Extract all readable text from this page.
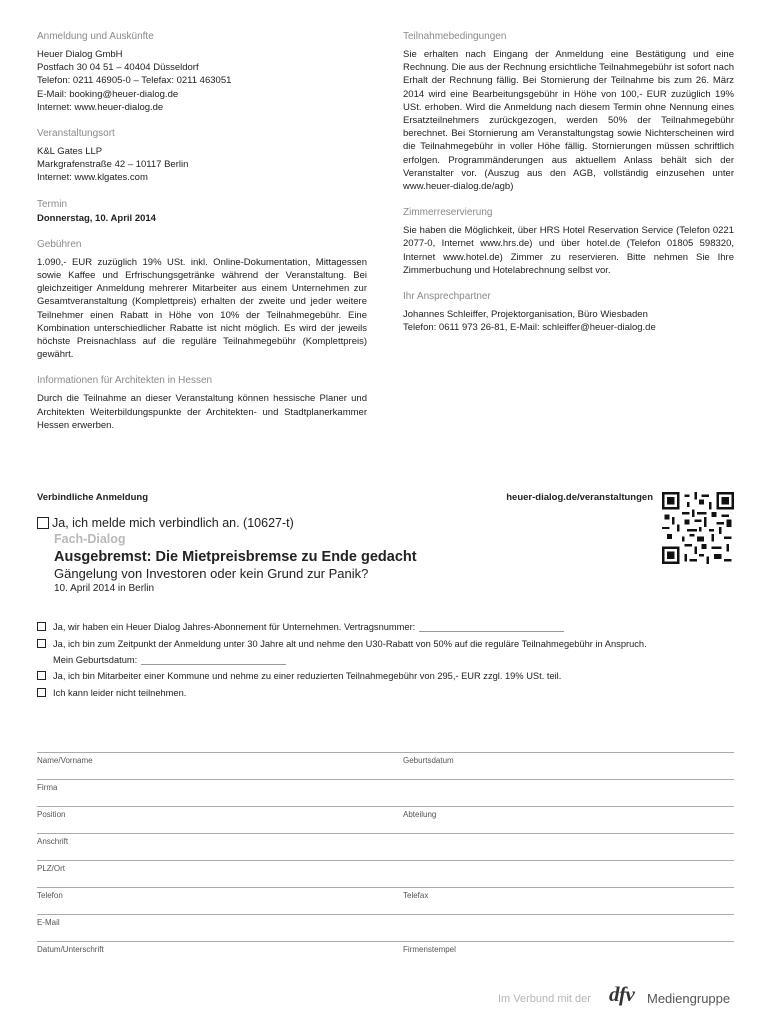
Anmeldung und Auskünfte
Heuer Dialog GmbH
Postfach 30 04 51 – 40404 Düsseldorf
Telefon: 0211 46905-0 – Telefax: 0211 463051
E-Mail: booking@heuer-dialog.de
Internet: www.heuer-dialog.de
Veranstaltungsort
K&L Gates LLP
Markgrafenstraße 42 – 10117 Berlin
Internet: www.klgates.com
Termin
Donnerstag, 10. April 2014
Gebühren
1.090,- EUR zuzüglich 19% USt. inkl. Online-Dokumentation, Mittagessen sowie Kaffee und Erfrischungsgetränke während der Veranstaltung. Bei gleichzeitiger Anmeldung mehrerer Mitarbeiter aus einem Unternehmen zur Gesamtveranstaltung (Komplettpreis) erhalten der zweite und jeder weitere Teilnehmer einen Rabatt in Höhe von 10% der Teilnahmegebühr. Eine Kombination unterschiedlicher Rabatte ist nicht möglich. Es wird der jeweils höchste Preisnachlass auf die reguläre Teilnahmegebühr (Komplettpreis) gewährt.
Informationen für Architekten in Hessen
Durch die Teilnahme an dieser Veranstaltung können hessische Planer und Architekten Weiterbildungspunkte der Architekten- und Stadtplanerkammer Hessen erwerben.
Teilnahmebedingungen
Sie erhalten nach Eingang der Anmeldung eine Bestätigung und eine Rechnung. Die aus der Rechnung ersichtliche Teilnahmegebühr ist sofort nach Erhalt der Rechnung fällig. Bei Stornierung der Teilnahme bis zum 26. März 2014 wird eine Bearbeitungsgebühr in Höhe von 100,- EUR zuzüglich 19% USt. erhoben. Wird die Anmeldung nach diesem Termin ohne Nennung eines Ersatzteilnehmers zurückgezogen, werden 50% der Teilnahmegebühr berechnet. Bei Stornierung am Veranstaltungstag sowie Nichterscheinen wird die Teilnahmegebühr in voller Höhe fällig. Stornierungen müssen schriftlich erfolgen. Programmänderungen aus aktuellem Anlass behält sich der Veranstalter vor. (Auszug aus den AGB, vollständig einzusehen unter www.heuer-dialog.de/agb)
Zimmerreservierung
Sie haben die Möglichkeit, über HRS Hotel Reservation Service (Telefon 0221 2077-0, Internet www.hrs.de) und über hotel.de (Telefon 01805 598320, Internet www.hotel.de) Zimmer zu reservieren. Bitte nehmen Sie Ihre Zimmerbuchung und Hotelabrechnung selbst vor.
Ihr Ansprechpartner
Johannes Schleiffer, Projektorganisation, Büro Wiesbaden
Telefon: 0611 973 26-81, E-Mail: schleiffer@heuer-dialog.de
Verbindliche Anmeldung	heuer-dialog.de/veranstaltungen
Ja, ich melde mich verbindlich an. (10627-t)
Fach-Dialog
Ausgebremst: Die Mietpreisbremse zu Ende gedacht
Gängelung von Investoren oder kein Grund zur Panik?
10. April 2014 in Berlin
Ja, wir haben ein Heuer Dialog Jahres-Abonnement für Unternehmen. Vertragsnummer:
Ja, ich bin zum Zeitpunkt der Anmeldung unter 30 Jahre alt und nehme den U30-Rabatt von 50% auf die reguläre Teilnahmegebühr in Anspruch.
Mein Geburtsdatum:
Ja, ich bin Mitarbeiter einer Kommune und nehme zu einer reduzierten Teilnahmegebühr von 295,- EUR zzgl. 19% USt. teil.
Ich kann leider nicht teilnehmen.
Name/Vorname	Geburtsdatum
Firma
Position	Abteilung
Anschrift
PLZ/Ort
Telefon	Telefax
E-Mail
Datum/Unterschrift	Firmenstempel
Im Verbund mit der dfv Mediengruppe
